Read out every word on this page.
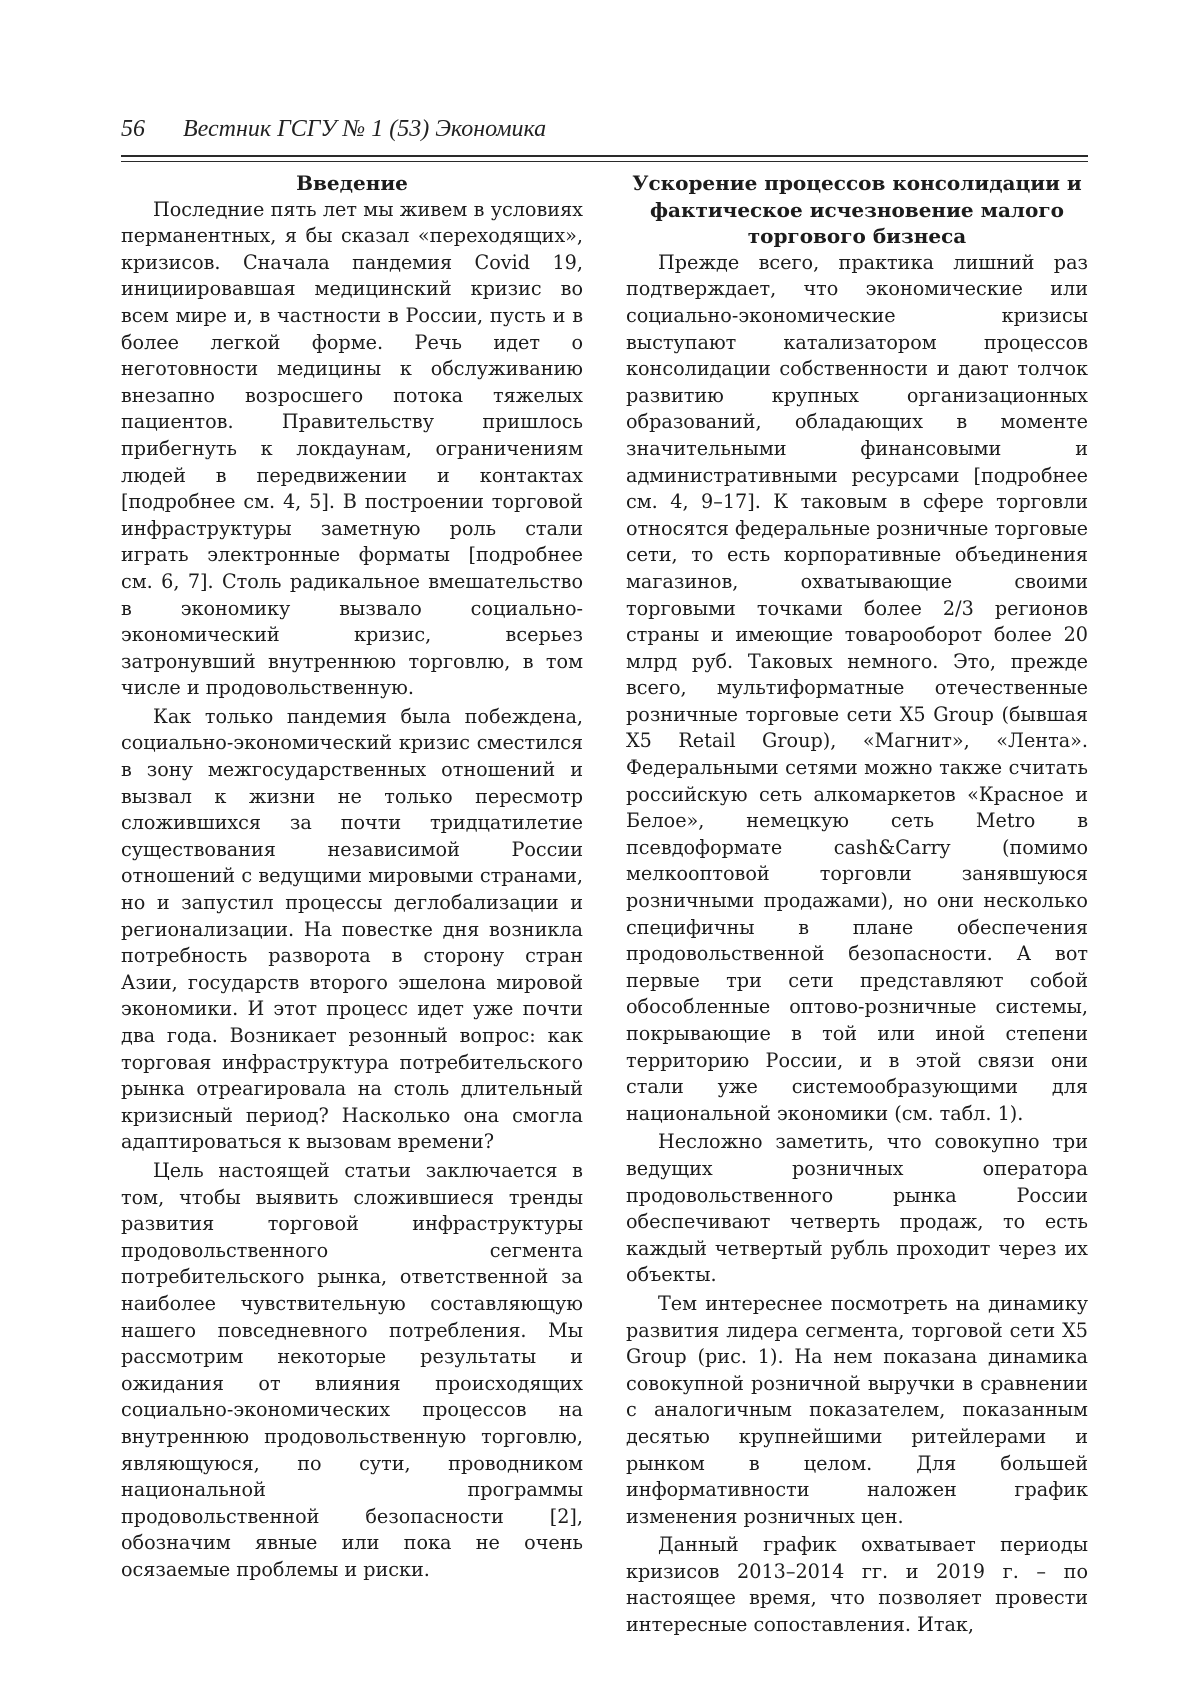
56 Вестник ГСГУ № 1 (53) Экономика
Введение

Последние пять лет мы живем в условиях перманентных, я бы сказал «переходящих», кризисов. Сначала пандемия Covid 19, инициировавшая медицинский кризис во всем мире и, в частности в России, пусть и в более легкой форме. Речь идет о неготовности медицины к обслуживанию внезапно возросшего потока тяжелых пациентов. Правительству пришлось прибегнуть к локдаунам, ограничениям людей в передвижении и контактах [подробнее см. 4, 5]. В построении торговой инфраструктуры заметную роль стали играть электронные форматы [подробнее см. 6, 7]. Столь радикальное вмешательство в экономику вызвало социально-экономический кризис, всерьез затронувший внутреннюю торговлю, в том числе и продовольственную.

Как только пандемия была побеждена, социально-экономический кризис сместился в зону межгосударственных отношений и вызвал к жизни не только пересмотр сложившихся за почти тридцатилетие существования независимой России отношений с ведущими мировыми странами, но и запустил процессы деглобализации и регионализации. На повестке дня возникла потребность разворота в сторону стран Азии, государств второго эшелона мировой экономики. И этот процесс идет уже почти два года. Возникает резонный вопрос: как торговая инфраструктура потребительского рынка отреагировала на столь длительный кризисный период? Насколько она смогла адаптироваться к вызовам времени?

Цель настоящей статьи заключается в том, чтобы выявить сложившиеся тренды развития торговой инфраструктуры продовольственного сегмента потребительского рынка, ответственной за наиболее чувствительную составляющую нашего повседневного потребления. Мы рассмотрим некоторые результаты и ожидания от влияния происходящих социально-экономических процессов на внутреннюю продовольственную торговлю, являющуюся, по сути, проводником национальной программы продовольственной безопасности [2], обозначим явные или пока не очень осязаемые проблемы и риски.

Ускорение процессов консолидации и фактическое исчезновение малого торгового бизнеса

Прежде всего, практика лишний раз подтверждает, что экономические или социально-экономические кризисы выступают катализатором процессов консолидации собственности и дают толчок развитию крупных организационных образований, обладающих в моменте значительными финансовыми и административными ресурсами [подробнее см. 4, 9–17]. К таковым в сфере торговли относятся федеральные розничные торговые сети, то есть корпоративные объединения магазинов, охватывающие своими торговыми точками более 2/3 регионов страны и имеющие товарооборот более 20 млрд руб. Таковых немного. Это, прежде всего, мультиформатные отечественные розничные торговые сети X5 Group (бывшая X5 Retail Group), «Магнит», «Лента». Федеральными сетями можно также считать российскую сеть алкомаркетов «Красное и Белое», немецкую сеть Metro в псевдоформате cash&Carry (помимо мелкооптовой торговли занявшуюся розничными продажами), но они несколько специфичны в плане обеспечения продовольственной безопасности. А вот первые три сети представляют собой обособленные оптово-розничные системы, покрывающие в той или иной степени территорию России, и в этой связи они стали уже системообразующими для национальной экономики (см. табл. 1).

Несложно заметить, что совокупно три ведущих розничных оператора продовольственного рынка России обеспечивают четверть продаж, то есть каждый четвертый рубль проходит через их объекты.

Тем интереснее посмотреть на динамику развития лидера сегмента, торговой сети X5 Group (рис. 1). На нем показана динамика совокупной розничной выручки в сравнении с аналогичным показателем, показанным десятью крупнейшими ритейлерами и рынком в целом. Для большей информативности наложен график изменения розничных цен.

Данный график охватывает периоды кризисов 2013–2014 гг. и 2019 г. – по настоящее время, что позволяет провести интересные сопоставления. Итак,
